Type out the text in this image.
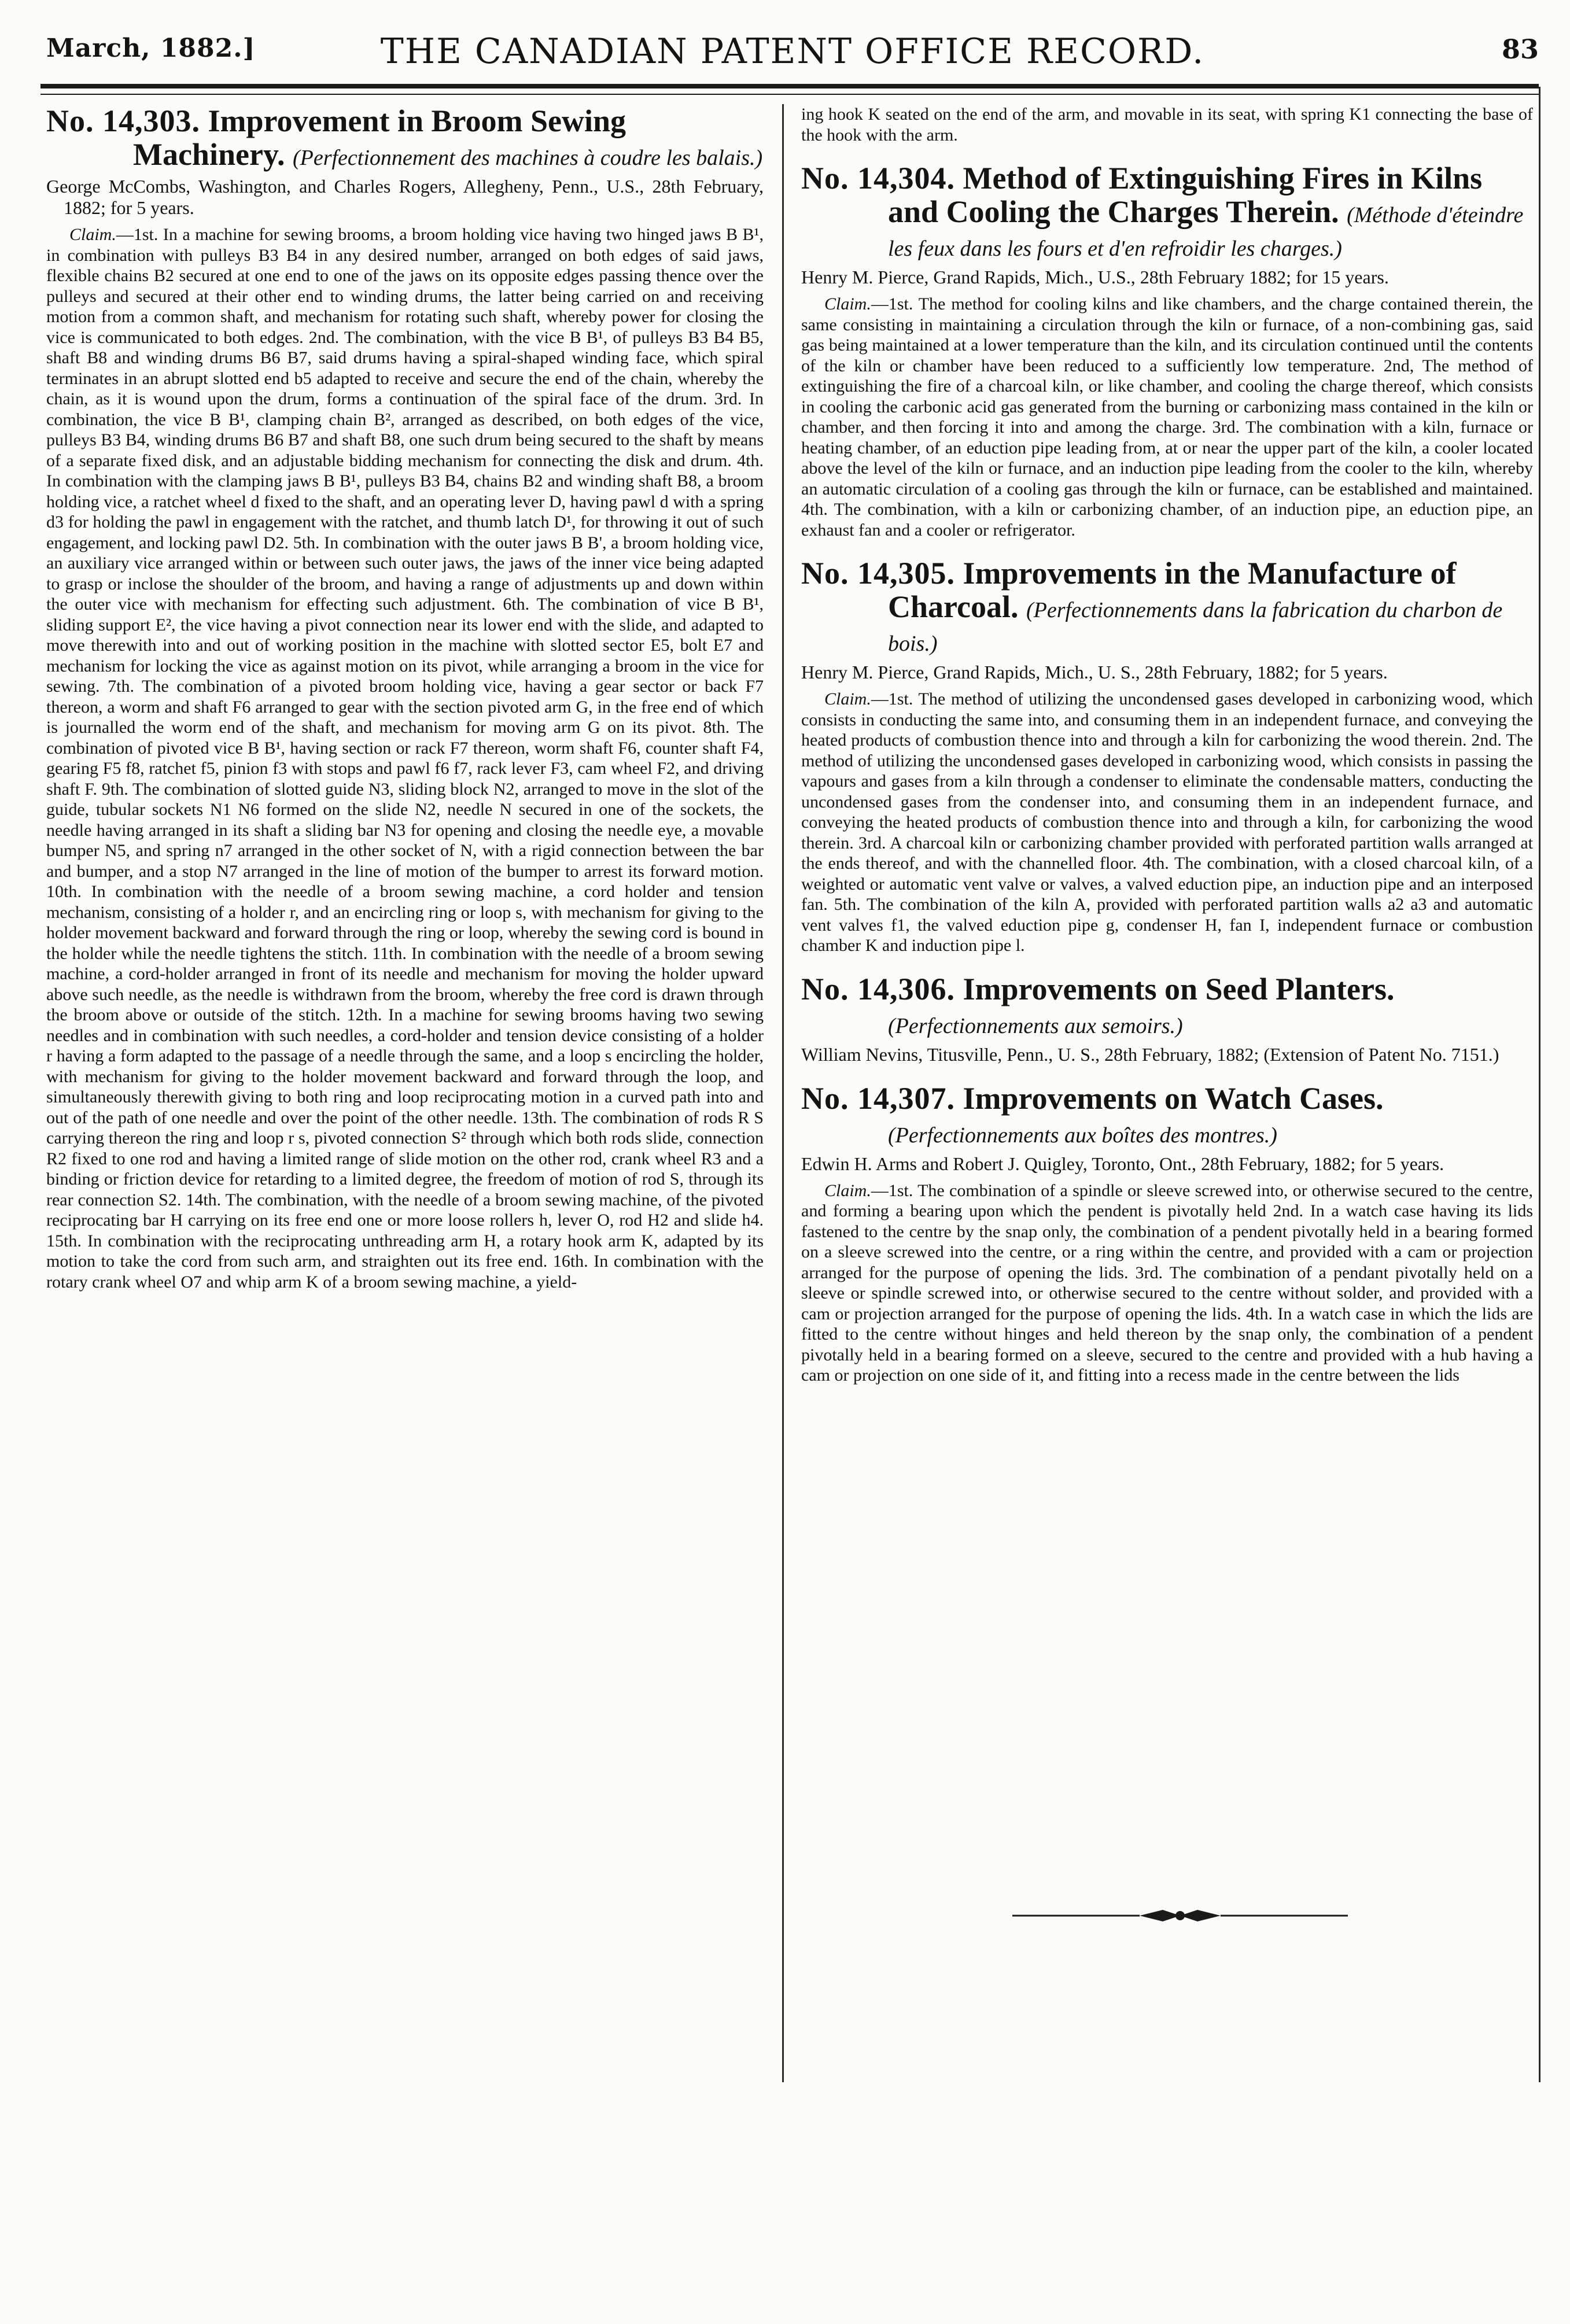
March, 1882.]	THE CANADIAN PATENT OFFICE RECORD.	83
No. 14,303. Improvement in Broom Sewing Machinery. (Perfectionnement des machines à coudre les balais.)
George McCombs, Washington, and Charles Rogers, Allegheny, Penn., U.S., 28th February, 1882; for 5 years.

Claim.—1st. In a machine for sewing brooms, a broom holding vice having two hinged jaws B B¹, in combination with pulleys B3 B4 in any desired number, arranged on both edges of said jaws, flexible chains B2 secured at one end to one of the jaws on its opposite edges passing thence over the pulleys and secured at their other end to winding drums, the latter being carried on and receiving motion from a common shaft, and mechanism for rotating such shaft, whereby power for closing the vice is communicated to both edges. 2nd. The combination, with the vice B B¹, of pulleys B3 B4 B5, shaft B8 and winding drums B6 B7, said drums having a spiral-shaped winding face, which spiral terminates in an abrupt slotted end b5 adapted to receive and secure the end of the chain, whereby the chain, as it is wound upon the drum, forms a continuation of the spiral face of the drum. 3rd. In combination, the vice B B¹, clamping chain B², arranged as described, on both edges of the vice, pulleys B3 B4, winding drums B6 B7 and shaft B8, one such drum being secured to the shaft by means of a separate fixed disk, and an adjustable bidding mechanism for connecting the disk and drum. 4th. In combination with the clamping jaws B B¹, pulleys B3 B4, chains B2 and winding shaft B8, a broom holding vice, a ratchet wheel d fixed to the shaft, and an operating lever D, having pawl d with a spring d3 for holding the pawl in engagement with the ratchet, and thumb latch D¹, for throwing it out of such engagement, and locking pawl D2. 5th. In combination with the outer jaws B B', a broom holding vice, an auxiliary vice arranged within or between such outer jaws, the jaws of the inner vice being adapted to grasp or inclose the shoulder of the broom, and having a range of adjustments up and down within the outer vice with mechanism for effecting such adjustment. 6th. The combination of vice B B¹, sliding support E², the vice having a pivot connection near its lower end with the slide, and adapted to move therewith into and out of working position in the machine with slotted sector E5, bolt E7 and mechanism for locking the vice as against motion on its pivot, while arranging a broom in the vice for sewing. 7th. The combination of a pivoted broom holding vice, having a gear sector or back F7 thereon, a worm and shaft F6 arranged to gear with the section pivoted arm G, in the free end of which is journalled the worm end of the shaft, and mechanism for moving arm G on its pivot. 8th. The combination of pivoted vice B B¹, having section or rack F7 thereon, worm shaft F6, counter shaft F4, gearing F5 f8, ratchet f5, pinion f3 with stops and pawl f6 f7, rack lever F3, cam wheel F2, and driving shaft F. 9th. The combination of slotted guide N3, sliding block N2, arranged to move in the slot of the guide, tubular sockets N1 N6 formed on the slide N2, needle N secured in one of the sockets, the needle having arranged in its shaft a sliding bar N3 for opening and closing the needle eye, a movable bumper N5, and spring n7 arranged in the other socket of N, with a rigid connection between the bar and bumper, and a stop N7 arranged in the line of motion of the bumper to arrest its forward motion. 10th. In combination with the needle of a broom sewing machine, a cord holder and tension mechanism, consisting of a holder r, and an encircling ring or loop s, with mechanism for giving to the holder movement backward and forward through the ring or loop, whereby the sewing cord is bound in the holder while the needle tightens the stitch. 11th. In combination with the needle of a broom sewing machine, a cord-holder arranged in front of its needle and mechanism for moving the holder upward above such needle, as the needle is withdrawn from the broom, whereby the free cord is drawn through the broom above or outside of the stitch. 12th. In a machine for sewing brooms having two sewing needles and in combination with such needles, a cord-holder and tension device consisting of a holder r having a form adapted to the passage of a needle through the same, and a loop s encircling the holder, with mechanism for giving to the holder movement backward and forward through the loop, and simultaneously therewith giving to both ring and loop reciprocating motion in a curved path into and out of the path of one needle and over the point of the other needle. 13th. The combination of rods R S carrying thereon the ring and loop r s, pivoted connection S² through which both rods slide, connection R2 fixed to one rod and having a limited range of slide motion on the other rod, crank wheel R3 and a binding or friction device for retarding to a limited degree, the freedom of motion of rod S, through its rear connection S2. 14th. The combination, with the needle of a broom sewing machine, of the pivoted reciprocating bar H carrying on its free end one or more loose rollers h, lever O, rod H2 and slide h4. 15th. In combination with the reciprocating unthreading arm H, a rotary hook arm K, adapted by its motion to take the cord from such arm, and straighten out its free end. 16th. In combination with the rotary crank wheel O7 and whip arm K of a broom sewing machine, a yield-

ing hook K seated on the end of the arm, and movable in its seat, with spring K1 connecting the base of the hook with the arm.

No. 14,304. Method of Extinguishing Fires in Kilns and Cooling the Charges Therein. (Méthode d'éteindre les feux dans les fours et d'en refroidir les charges.)
Henry M. Pierce, Grand Rapids, Mich., U.S., 28th February 1882; for 15 years.

Claim.—1st. The method for cooling kilns and like chambers, and the charge contained therein, the same consisting in maintaining a circulation through the kiln or furnace, of a non-combining gas, said gas being maintained at a lower temperature than the kiln, and its circulation continued until the contents of the kiln or chamber have been reduced to a sufficiently low temperature. 2nd, The method of extinguishing the fire of a charcoal kiln, or like chamber, and cooling the charge thereof, which consists in cooling the carbonic acid gas generated from the burning or carbonizing mass contained in the kiln or chamber, and then forcing it into and among the charge. 3rd. The combination with a kiln, furnace or heating chamber, of an eduction pipe leading from, at or near the upper part of the kiln, a cooler located above the level of the kiln or furnace, and an induction pipe leading from the cooler to the kiln, whereby an automatic circulation of a cooling gas through the kiln or furnace, can be established and maintained. 4th. The combination, with a kiln or carbonizing chamber, of an induction pipe, an eduction pipe, an exhaust fan and a cooler or refrigerator.

No. 14,305. Improvements in the Manufacture of Charcoal. (Perfectionnements dans la fabrication du charbon de bois.)
Henry M. Pierce, Grand Rapids, Mich., U. S., 28th February, 1882; for 5 years.

Claim.—1st. The method of utilizing the uncondensed gases developed in carbonizing wood, which consists in conducting the same into, and consuming them in an independent furnace, and conveying the heated products of combustion thence into and through a kiln for carbonizing the wood therein. 2nd. The method of utilizing the uncondensed gases developed in carbonizing wood, which consists in passing the vapours and gases from a kiln through a condenser to eliminate the condensable matters, conducting the uncondensed gases from the condenser into, and consuming them in an independent furnace, and conveying the heated products of combustion thence into and through a kiln, for carbonizing the wood therein. 3rd. A charcoal kiln or carbonizing chamber provided with perforated partition walls arranged at the ends thereof, and with the channelled floor. 4th. The combination, with a closed charcoal kiln, of a weighted or automatic vent valve or valves, a valved eduction pipe, an induction pipe and an interposed fan. 5th. The combination of the kiln A, provided with perforated partition walls a2 a3 and automatic vent valves f1, the valved eduction pipe g, condenser H, fan I, independent furnace or combustion chamber K and induction pipe l.

No. 14,306. Improvements on Seed Planters. (Perfectionnements aux semoirs.)
William Nevins, Titusville, Penn., U. S., 28th February, 1882; (Extension of Patent No. 7151.)
No. 14,307. Improvements on Watch Cases. (Perfectionnements aux boîtes des montres.)
Edwin H. Arms and Robert J. Quigley, Toronto, Ont., 28th February, 1882; for 5 years.

Claim.—1st. The combination of a spindle or sleeve screwed into, or otherwise secured to the centre, and forming a bearing upon which the pendent is pivotally held 2nd. In a watch case having its lids fastened to the centre by the snap only, the combination of a pendent pivotally held in a bearing formed on a sleeve screwed into the centre, or a ring within the centre, and provided with a cam or projection arranged for the purpose of opening the lids. 3rd. The combination of a pendant pivotally held on a sleeve or spindle screwed into, or otherwise secured to the centre without solder, and provided with a cam or projection arranged for the purpose of opening the lids. 4th. In a watch case in which the lids are fitted to the centre without hinges and held thereon by the snap only, the combination of a pendent pivotally held in a bearing formed on a sleeve, secured to the centre and provided with a hub having a cam or projection on one side of it, and fitting into a recess made in the centre between the lids
